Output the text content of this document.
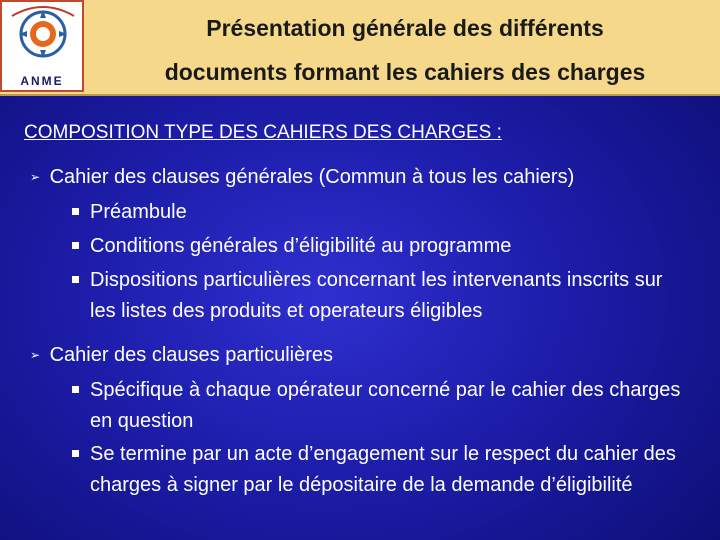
ANME
Présentation générale des différents
documents formant les cahiers des charges
COMPOSITION TYPE DES CAHIERS DES CHARGES :
➢ Cahier des clauses générales (Commun à tous les cahiers)
Préambule
Conditions générales d’éligibilité au programme
Dispositions particulières concernant les intervenants inscrits sur les listes des produits et operateurs éligibles
➢ Cahier des clauses particulières
Spécifique à chaque opérateur concerné par le cahier des charges en question
Se termine par un acte d’engagement sur le respect du cahier des charges à signer par le dépositaire de la demande d’éligibilité
